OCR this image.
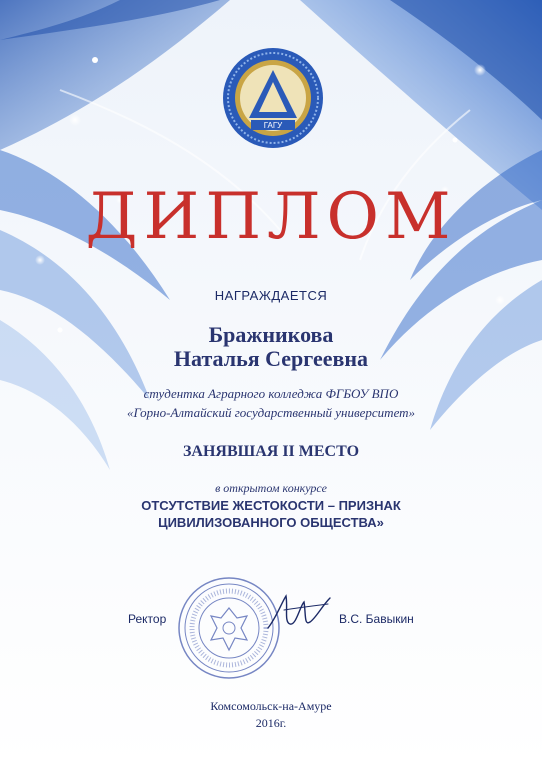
ГАГУ
ДИПЛОМ
НАГРАЖДАЕТСЯ
Бражникова
Наталья Сергеевна
студентка Аграрного колледжа ФГБОУ ВПО
«Горно-Алтайский государственный университет»
ЗАНЯВШАЯ II МЕСТО
в открытом конкурсе
ОТСУТСТВИЕ ЖЕСТОКОСТИ – ПРИЗНАК
ЦИВИЛИЗОВАННОГО ОБЩЕСТВА»
Ректор	В.С. Бавыкин
Комсомольск-на-Амуре
2016г.
